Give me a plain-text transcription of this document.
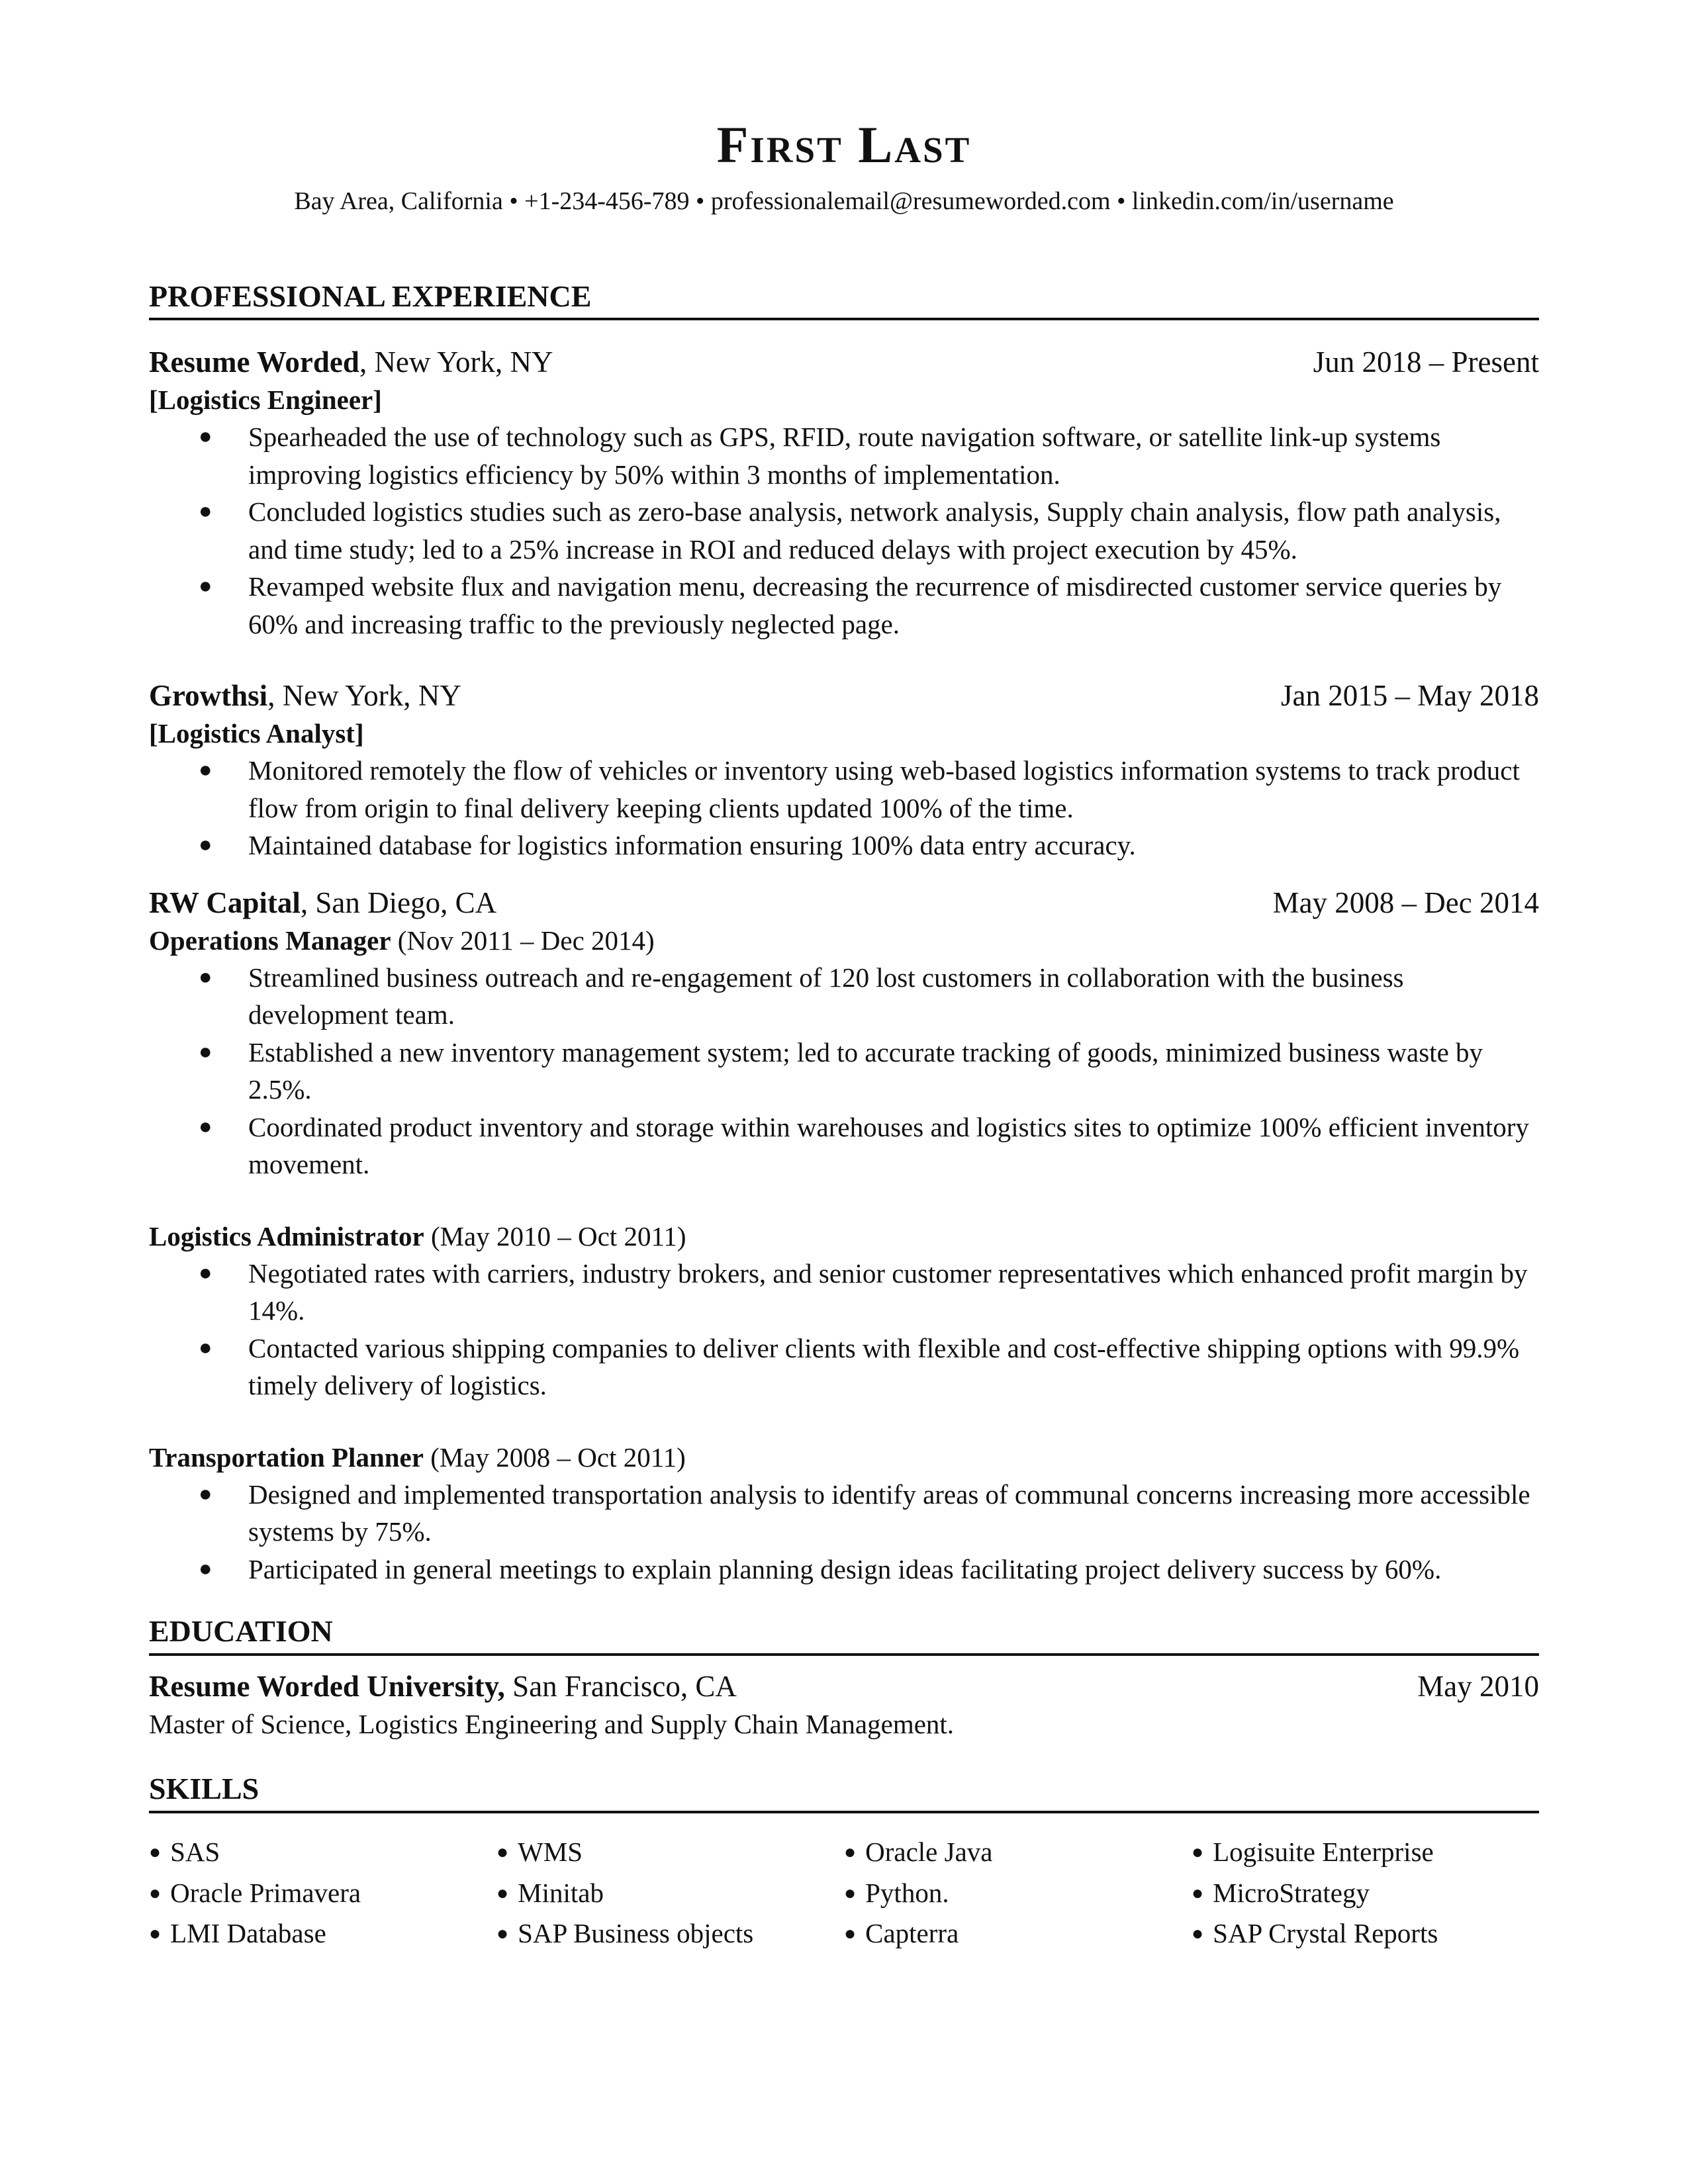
First Last
Bay Area, California • +1-234-456-789 • professionalemail@resumeworded.com • linkedin.com/in/username
PROFESSIONAL EXPERIENCE
Resume Worded, New York, NY	Jun 2018 – Present
[Logistics Engineer]
● Spearheaded the use of technology such as GPS, RFID, route navigation software, or satellite link-up systems improving logistics efficiency by 50% within 3 months of implementation.
● Concluded logistics studies such as zero-base analysis, network analysis, Supply chain analysis, flow path analysis, and time study; led to a 25% increase in ROI and reduced delays with project execution by 45%.
● Revamped website flux and navigation menu, decreasing the recurrence of misdirected customer service queries by 60% and increasing traffic to the previously neglected page.
Growthsi, New York, NY	Jan 2015 – May 2018
[Logistics Analyst]
● Monitored remotely the flow of vehicles or inventory using web-based logistics information systems to track product flow from origin to final delivery keeping clients updated 100% of the time.
● Maintained database for logistics information ensuring 100% data entry accuracy.
RW Capital, San Diego, CA	May 2008 – Dec 2014
Operations Manager (Nov 2011 – Dec 2014)
● Streamlined business outreach and re-engagement of 120 lost customers in collaboration with the business development team.
● Established a new inventory management system; led to accurate tracking of goods, minimized business waste by 2.5%.
● Coordinated product inventory and storage within warehouses and logistics sites to optimize 100% efficient inventory movement.
Logistics Administrator (May 2010 – Oct 2011)
● Negotiated rates with carriers, industry brokers, and senior customer representatives which enhanced profit margin by 14%.
● Contacted various shipping companies to deliver clients with flexible and cost-effective shipping options with 99.9% timely delivery of logistics.
Transportation Planner (May 2008 – Oct 2011)
● Designed and implemented transportation analysis to identify areas of communal concerns increasing more accessible systems by 75%.
● Participated in general meetings to explain planning design ideas facilitating project delivery success by 60%.
EDUCATION
Resume Worded University, San Francisco, CA	May 2010
Master of Science, Logistics Engineering and Supply Chain Management.
SKILLS
● SAS
● Oracle Primavera
● LMI Database
● WMS
● Minitab
● SAP Business objects
● Oracle Java
● Python.
● Capterra
● Logisuite Enterprise
● MicroStrategy
● SAP Crystal Reports
